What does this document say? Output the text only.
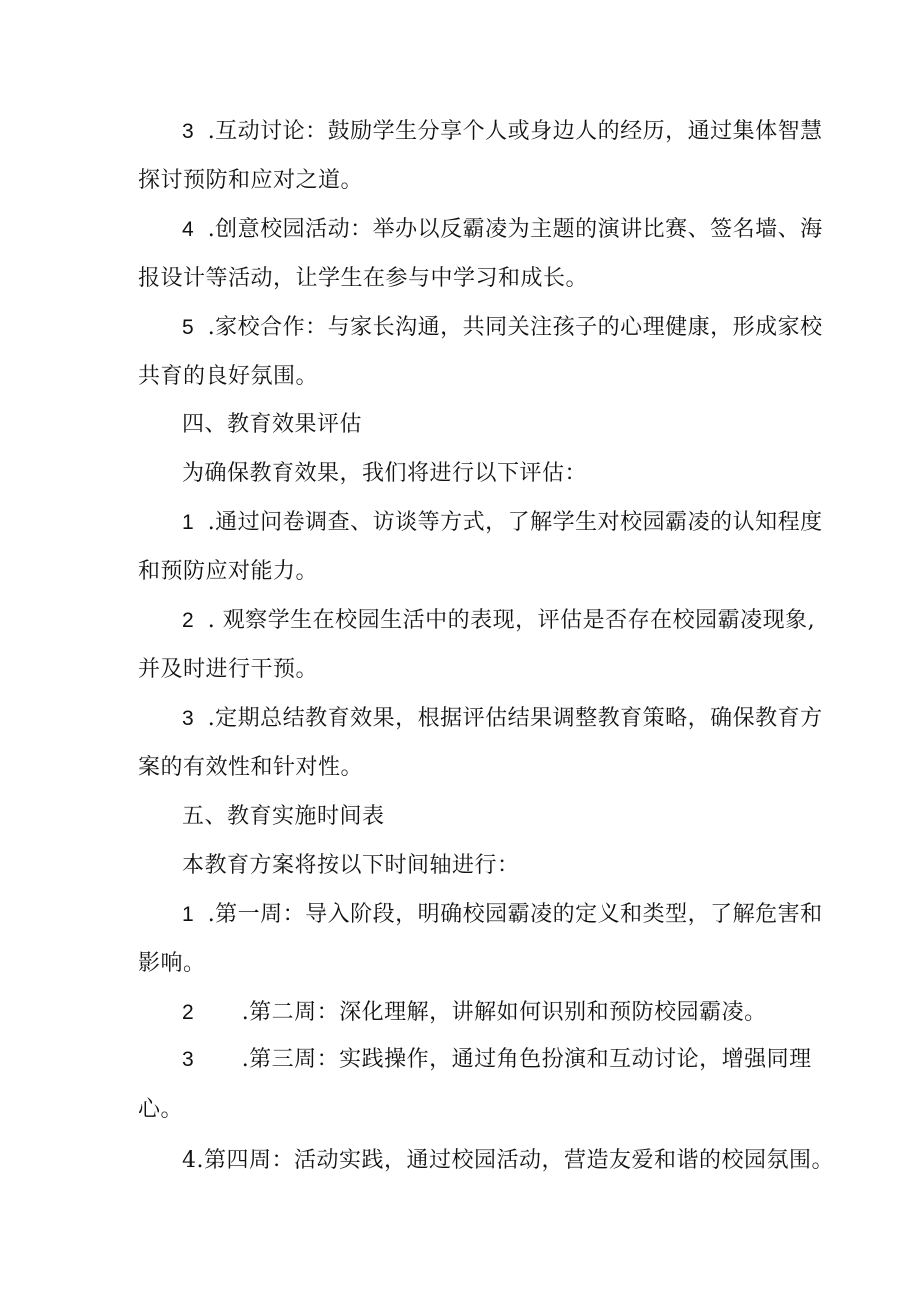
3 .互动讨论：鼓励学生分享个人或身边人的经历，通过集体智慧
探讨预防和应对之道。
4 .创意校园活动：举办以反霸凌为主题的演讲比赛、签名墙、海
报设计等活动，让学生在参与中学习和成长。
5 .家校合作：与家长沟通，共同关注孩子的心理健康，形成家校
共育的良好氛围。
四、教育效果评估
为确保教育效果，我们将进行以下评估：
1 .通过问卷调查、访谈等方式，了解学生对校园霸凌的认知程度
和预防应对能力。
2 . 观察学生在校园生活中的表现，评估是否存在校园霸凌现象,
并及时进行干预。
3 .定期总结教育效果，根据评估结果调整教育策略，确保教育方
案的有效性和针对性。
五、教育实施时间表
本教育方案将按以下时间轴进行：
1 .第一周：导入阶段，明确校园霸凌的定义和类型，了解危害和
影响。
2 .第二周：深化理解，讲解如何识别和预防校园霸凌。
3 .第三周：实践操作，通过角色扮演和互动讨论，增强同理
心。
4.第四周：活动实践，通过校园活动，营造友爱和谐的校园氛围。
